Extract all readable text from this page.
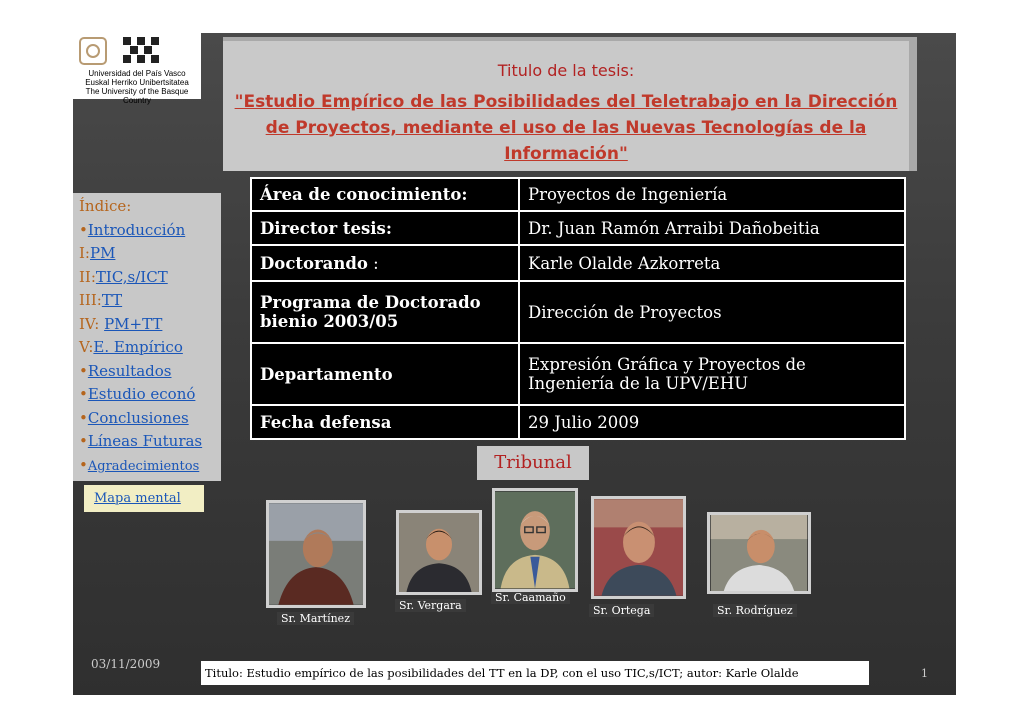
Universidad del País Vasco
Euskal Herriko Unibertsitatea
The University of the Basque Country
Titulo de la tesis:
"Estudio Empírico de las Posibilidades del Teletrabajo en la Dirección de Proyectos, mediante el uso de las Nuevas Tecnologías de la Información"
Área de conocimiento:	Proyectos de Ingeniería
Director tesis:	Dr. Juan Ramón Arraibi Dañobeitia
Doctorando :	Karle Olalde Azkorreta
Programa de Doctorado bienio 2003/05	Dirección de Proyectos
Departamento	Expresión Gráfica y Proyectos de Ingeniería de la UPV/EHU
Fecha defensa	29 Julio 2009
Índice:
•Introducción
I:PM
II:TIC,s/ICT
III:TT
IV: PM+TT
V:E. Empírico
•Resultados
•Estudio econó
•Conclusiones
•Líneas Futuras
•Agradecimientos
Mapa mental
Tribunal
Sr. Martínez
Sr. Vergara
Sr. Caamaño
Sr. Ortega	Sr. Rodríguez
03/11/2009
Titulo: Estudio empírico de las posibilidades del TT en la DP, con el uso TIC,s/ICT; autor: Karle Olalde	1
